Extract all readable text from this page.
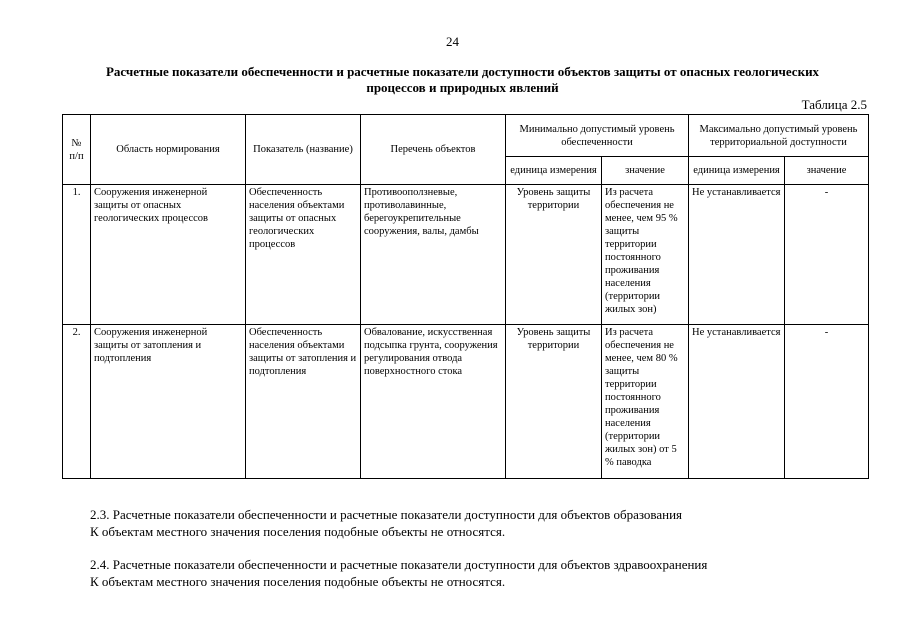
24
Расчетные показатели обеспеченности и расчетные показатели доступности объектов защиты от опасных геологических процессов и природных явлений
Таблица 2.5
№ п/п	Область нормирования	Показатель (название)	Перечень объектов	Минимально допустимый уровень обеспеченности		Максимально допустимый уровень территориальной доступности	
				единица измерения	значение	единица измерения	значение
1.	Сооружения инженерной защиты от опасных геологических процессов	Обеспеченность населения объектами защиты от опасных геологических процессов	Противооползневые, противолавинные, берегоукрепительные сооружения, валы, дамбы	Уровень защиты территории	Из расчета обеспечения не менее, чем 95 % защиты территории постоянного проживания населения (территории жилых зон)	Не устанавливается	-
2.	Сооружения инженерной защиты от затопления и подтопления	Обеспеченность населения объектами защиты от затопления и подтопления	Обвалование, искусственная подсыпка грунта, сооружения регулирования отвода поверхностного стока	Уровень защиты территории	Из расчета обеспечения не менее, чем 80 % защиты территории постоянного проживания населения (территории жилых зон) от 5 % паводка	Не устанавливается	-
2.3. Расчетные показатели обеспеченности и расчетные показатели доступности для объектов образования
К объектам местного значения поселения подобные объекты не относятся.
2.4. Расчетные показатели обеспеченности и расчетные показатели доступности для объектов здравоохранения
К объектам местного значения поселения подобные объекты не относятся.
